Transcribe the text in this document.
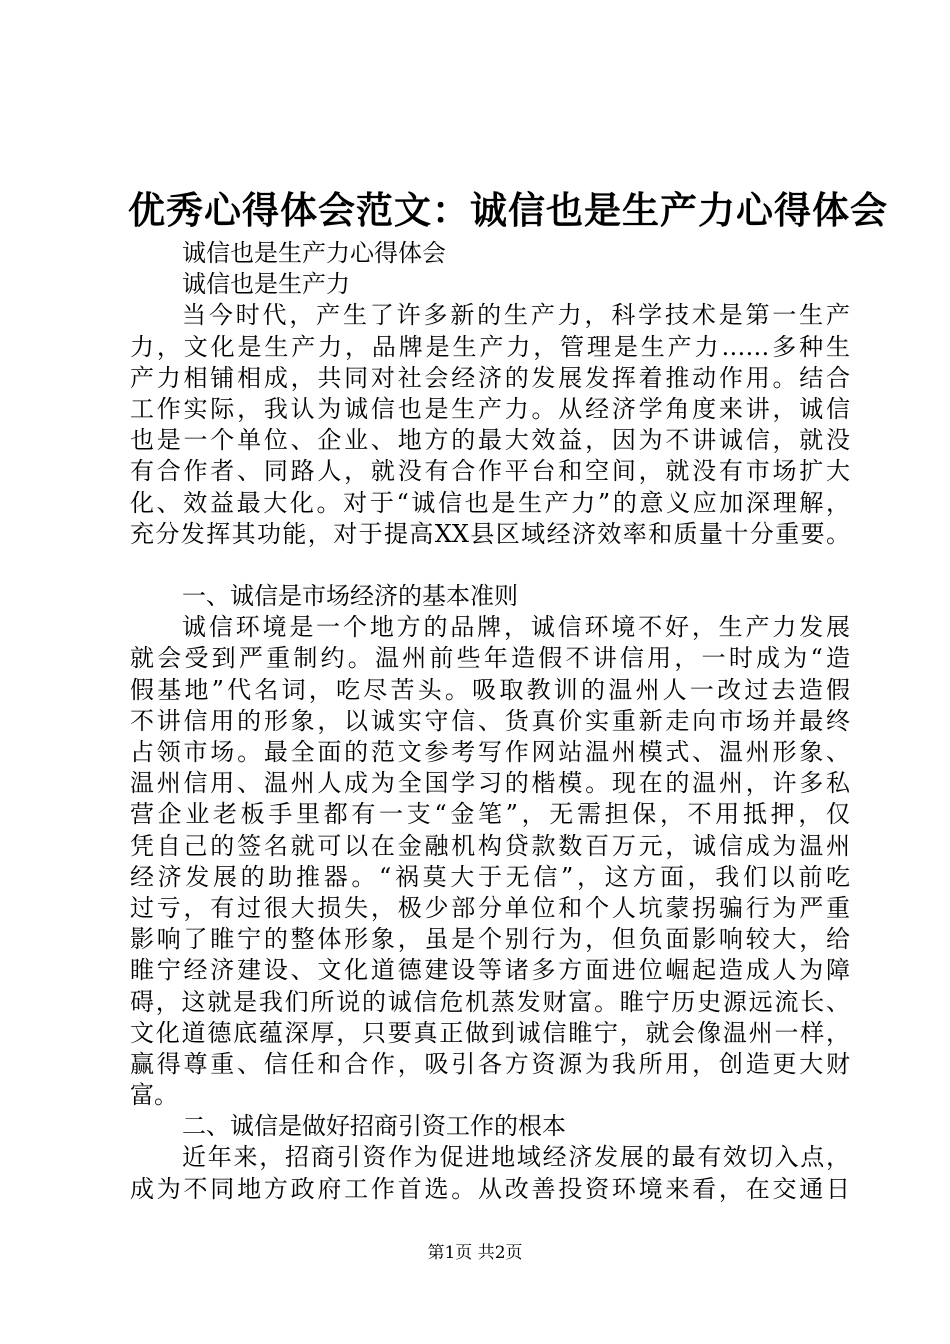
优秀心得体会范文：诚信也是生产力心得体会
诚信也是生产力心得体会
诚信也是生产力
当今时代，产生了许多新的生产力，科学技术是第一生产
力，文化是生产力，品牌是生产力，管理是生产力……多种生
产力相铺相成，共同对社会经济的发展发挥着推动作用。结合
工作实际，我认为诚信也是生产力。从经济学角度来讲，诚信
也是一个单位、企业、地方的最大效益，因为不讲诚信，就没
有合作者、同路人，就没有合作平台和空间，就没有市场扩大
化、效益最大化。对于“诚信也是生产力”的意义应加深理解，
充分发挥其功能，对于提高XX县区域经济效率和质量十分重要。
一、诚信是市场经济的基本准则
诚信环境是一个地方的品牌，诚信环境不好，生产力发展
就会受到严重制约。温州前些年造假不讲信用，一时成为“造
假基地”代名词，吃尽苦头。吸取教训的温州人一改过去造假
不讲信用的形象，以诚实守信、货真价实重新走向市场并最终
占领市场。最全面的范文参考写作网站温州模式、温州形象、
温州信用、温州人成为全国学习的楷模。现在的温州，许多私
营企业老板手里都有一支“金笔”，无需担保，不用抵押，仅
凭自己的签名就可以在金融机构贷款数百万元，诚信成为温州
经济发展的助推器。“祸莫大于无信”，这方面，我们以前吃
过亏，有过很大损失，极少部分单位和个人坑蒙拐骗行为严重
影响了睢宁的整体形象，虽是个别行为，但负面影响较大，给
睢宁经济建设、文化道德建设等诸多方面进位崛起造成人为障
碍，这就是我们所说的诚信危机蒸发财富。睢宁历史源远流长、
文化道德底蕴深厚，只要真正做到诚信睢宁，就会像温州一样，
赢得尊重、信任和合作，吸引各方资源为我所用，创造更大财
富。
二、诚信是做好招商引资工作的根本
近年来，招商引资作为促进地域经济发展的最有效切入点，
成为不同地方政府工作首选。从改善投资环境来看，在交通日
第1页 共2页
